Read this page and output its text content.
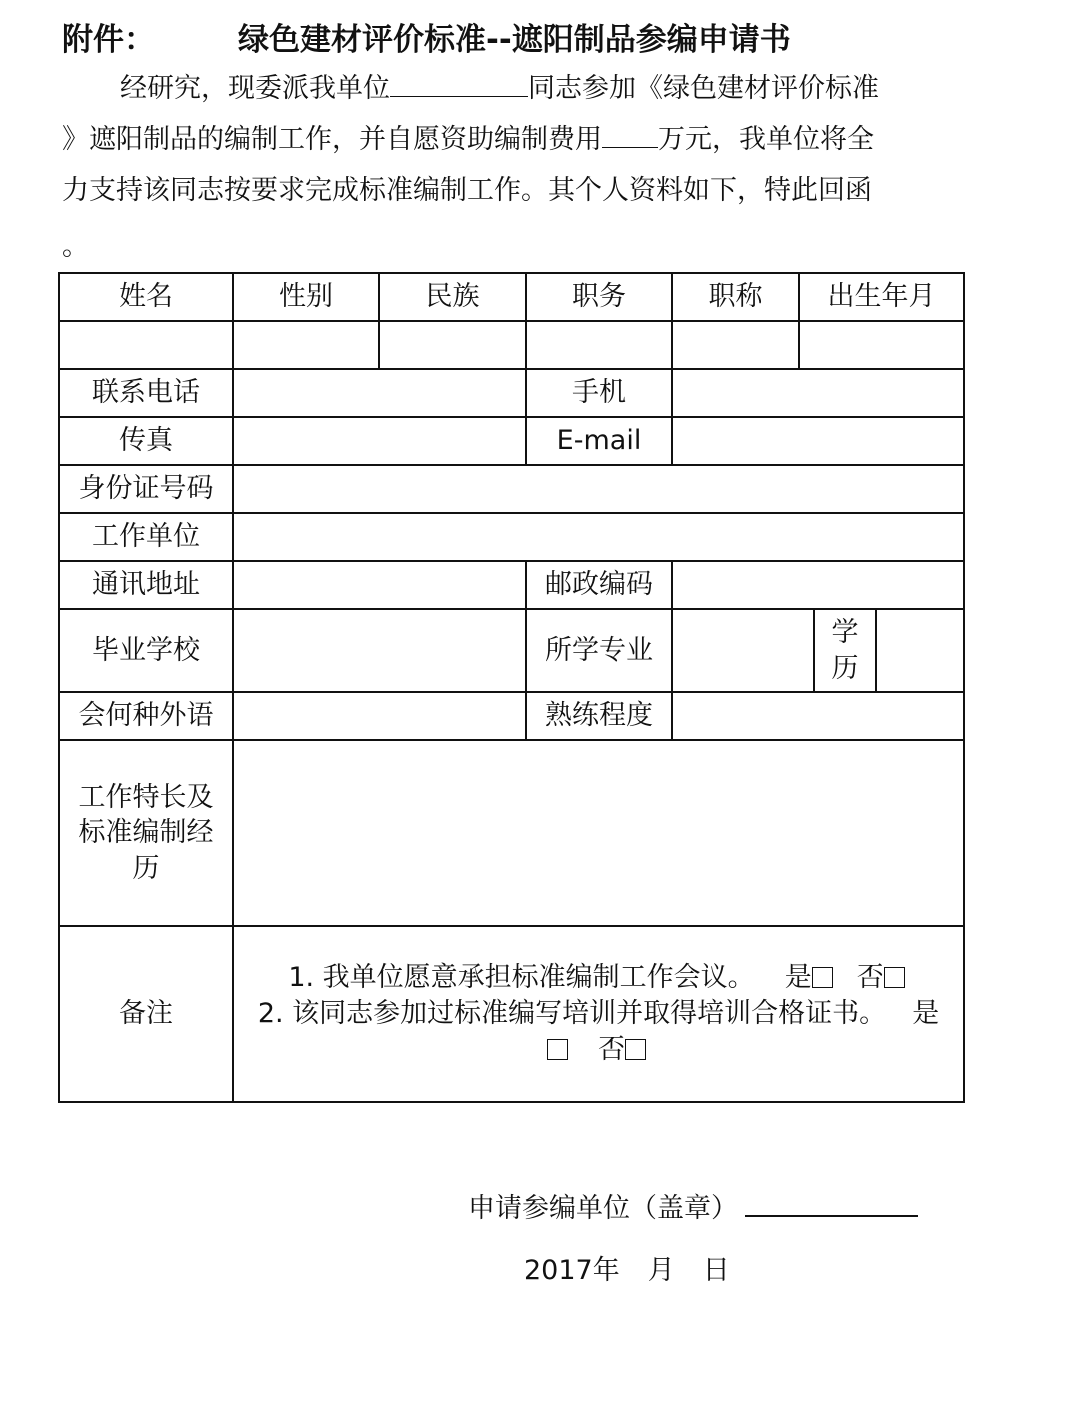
附件：	绿色建材评价标准--遮阳制品参编申请书
经研究，现委派我单位	同志参加《绿色建材评价标准
》遮阳制品的编制工作，并自愿资助编制费用 万元，我单位将全
力支持该同志按要求完成标准编制工作。其个人资料如下，特此回函
。
姓名	性别	民族	职务	职称	出生年月		

联系电话			手机				
传真			E-mail				
身份证号码							
工作单位							
通讯地址			邮政编码				
毕业学校			所学专业			学
历	
会何种外语			熟练程度				
工作特长及
标准编制经
历							
备注	1. 我单位愿意承担标准编制工作会议。 是 否
2. 该同志参加过标准编写培训并取得培训合格证书。 是
否						
申请参编单位（盖章）
2017年 月 日
